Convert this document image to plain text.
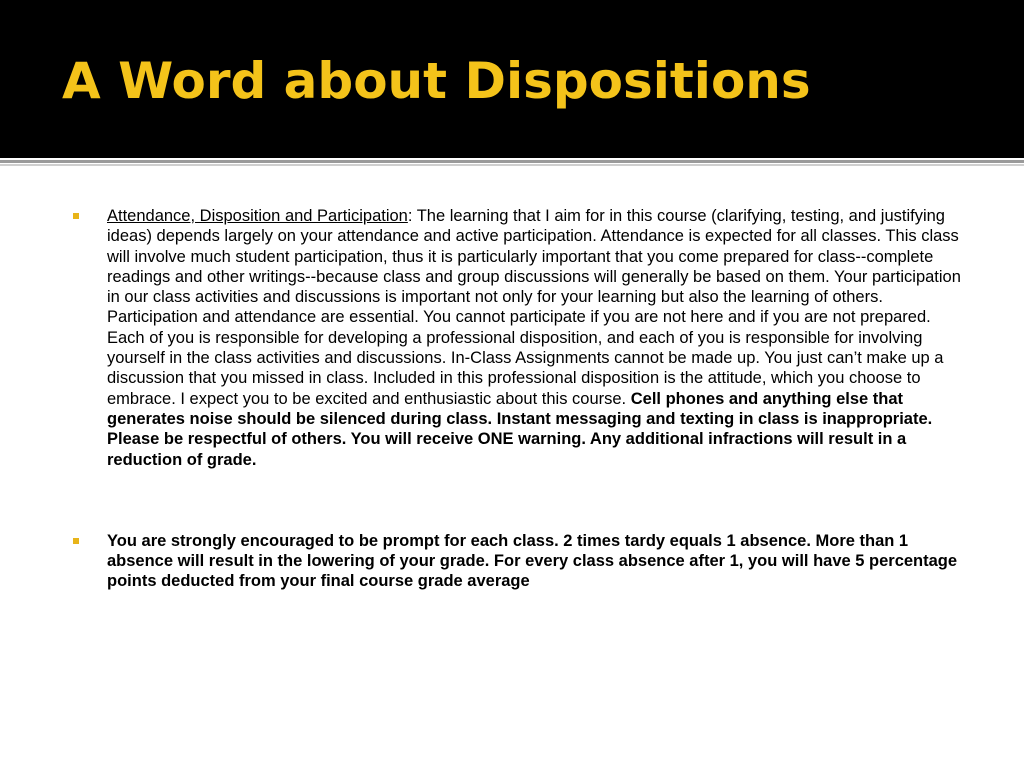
A Word about Dispositions
Attendance, Disposition and Participation: The learning that I aim for in this course (clarifying, testing, and justifying ideas) depends largely on your attendance and active participation. Attendance is expected for all classes. This class will involve much student participation, thus it is particularly important that you come prepared for class--complete readings and other writings--because class and group discussions will generally be based on them. Your participation in our class activities and discussions is important not only for your learning but also the learning of others. Participation and attendance are essential. You cannot participate if you are not here and if you are not prepared. Each of you is responsible for developing a professional disposition, and each of you is responsible for involving yourself in the class activities and discussions. In-Class Assignments cannot be made up. You just can’t make up a discussion that you missed in class. Included in this professional disposition is the attitude, which you choose to embrace. I expect you to be excited and enthusiastic about this course. Cell phones and anything else that generates noise should be silenced during class. Instant messaging and texting in class is inappropriate. Please be respectful of others. You will receive ONE warning. Any additional infractions will result in a reduction of grade.
You are strongly encouraged to be prompt for each class. 2 times tardy equals 1 absence. More than 1 absence will result in the lowering of your grade. For every class absence after 1, you will have 5 percentage points deducted from your final course grade average
